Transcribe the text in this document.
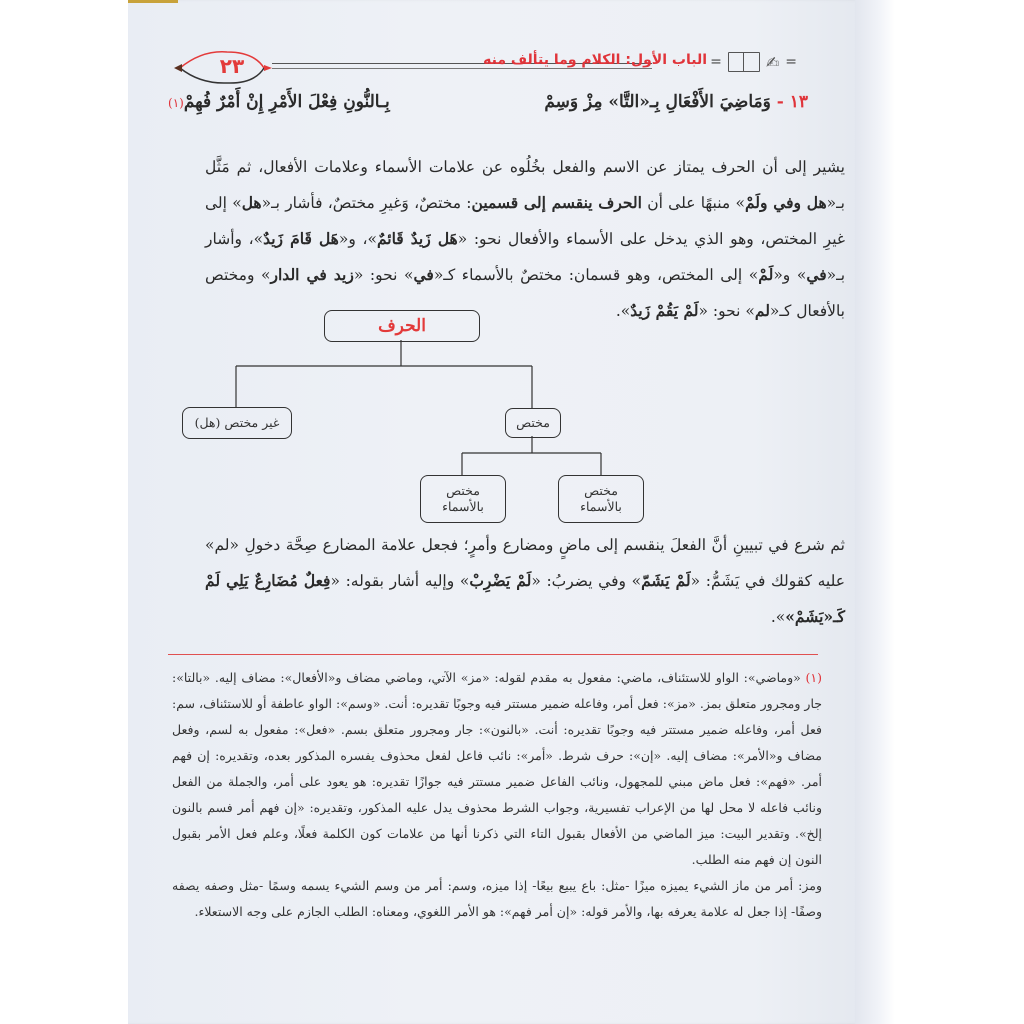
٢٣	الباب الأول: الكلام وما يتألف منه	=
✍
=
١٣ - وَمَاضِيَ الأَفْعَالِ بِـ«التَّا» مِزْ وَسِمْ
بِـالنُّونِ فِعْلَ الأَمْرِ إِنْ أَمْرٌ فُهِمْ(١)
يشير إلى أن الحرف يمتاز عن الاسم والفعل بخُلُوه عن علامات الأسماء وعلامات الأفعال، ثم مَثَّل بـ«هل وفي ولَمْ» منبهًا على أن الحرف ينقسم إلى قسمين: مختصٌ، وَغيرِ مختصٌ، فأشار بـ«هل» إلى غيرِ المختص، وهو الذي يدخل على الأسماء والأفعال نحو: «هَل زَيدٌ قَائمٌ»، و«هَل قَامَ زَيدٌ»، وأشار بـ«في» و«لَمْ» إلى المختص، وهو قسمان: مختصٌ بالأسماء كـ«في» نحو: «زيد في الدار» ومختص بالأفعال كـ«لم» نحو: «لَمْ يَقُمْ زَيدٌ».
الحرف
غير مختص (هل)	مختص
مختص
بالأسماء
مختص
بالأسماء
ثم شرع في تبيينِ أنَّ الفعلَ ينقسم إلى ماضٍ ومضارع وأمرٍ؛ فجعل علامة المضارع صِحَّة دخولِ «لم» عليه كقولك في يَشَمُّ: «لَمْ يَشَمّ» وفي يضربُ: «لَمْ يَضْرِبْ» وإليه أشار بقوله: «فِعلٌ مُضَارِعٌ يَلِي لَمْ كَـ«يَشَمْ»».

(١) «وماضي»: الواو للاستئناف، ماضي: مفعول به مقدم لقوله: «مز» الآتي، وماضي مضاف و«الأفعال»: مضاف إليه. «بالتا»: جار ومجرور متعلق بمز. «مز»: فعل أمر، وفاعله ضمير مستتر فيه وجوبًا تقديره: أنت. «وسم»: الواو عاطفة أو للاستئناف، سم: فعل أمر، وفاعله ضمير مستتر فيه وجوبًا تقديره: أنت. «بالنون»: جار ومجرور متعلق بسم. «فعل»: مفعول به لسم، وفعل مضاف و«الأمر»: مضاف إليه. «إن»: حرف شرط. «أمر»: نائب فاعل لفعل محذوف يفسره المذكور بعده، وتقديره: إن فهم أمر. «فهم»: فعل ماض مبني للمجهول، ونائب الفاعل ضمير مستتر فيه جوازًا تقديره: هو يعود على أمر، والجملة من الفعل ونائب فاعله لا محل لها من الإعراب تفسيرية، وجواب الشرط محذوف يدل عليه المذكور، وتقديره: «إن فهم أمر فسم بالنون إلخ». وتقدير البيت: ميز الماضي من الأفعال بقبول التاء التي ذكرنا أنها من علامات كون الكلمة فعلًا، وعلم فعل الأمر بقبول النون إن فهم منه الطلب.

ومز: أمر من ماز الشيء يميزه ميزًا -مثل: باع يبيع بيعًا- إذا ميزه، وسم: أمر من وسم الشيء يسمه وسمًا -مثل وصفه يصفه وصفًا- إذا جعل له علامة يعرفه بها، والأمر قوله: «إن أمر فهم»: هو الأمر اللغوي، ومعناه: الطلب الجازم على وجه الاستعلاء.
